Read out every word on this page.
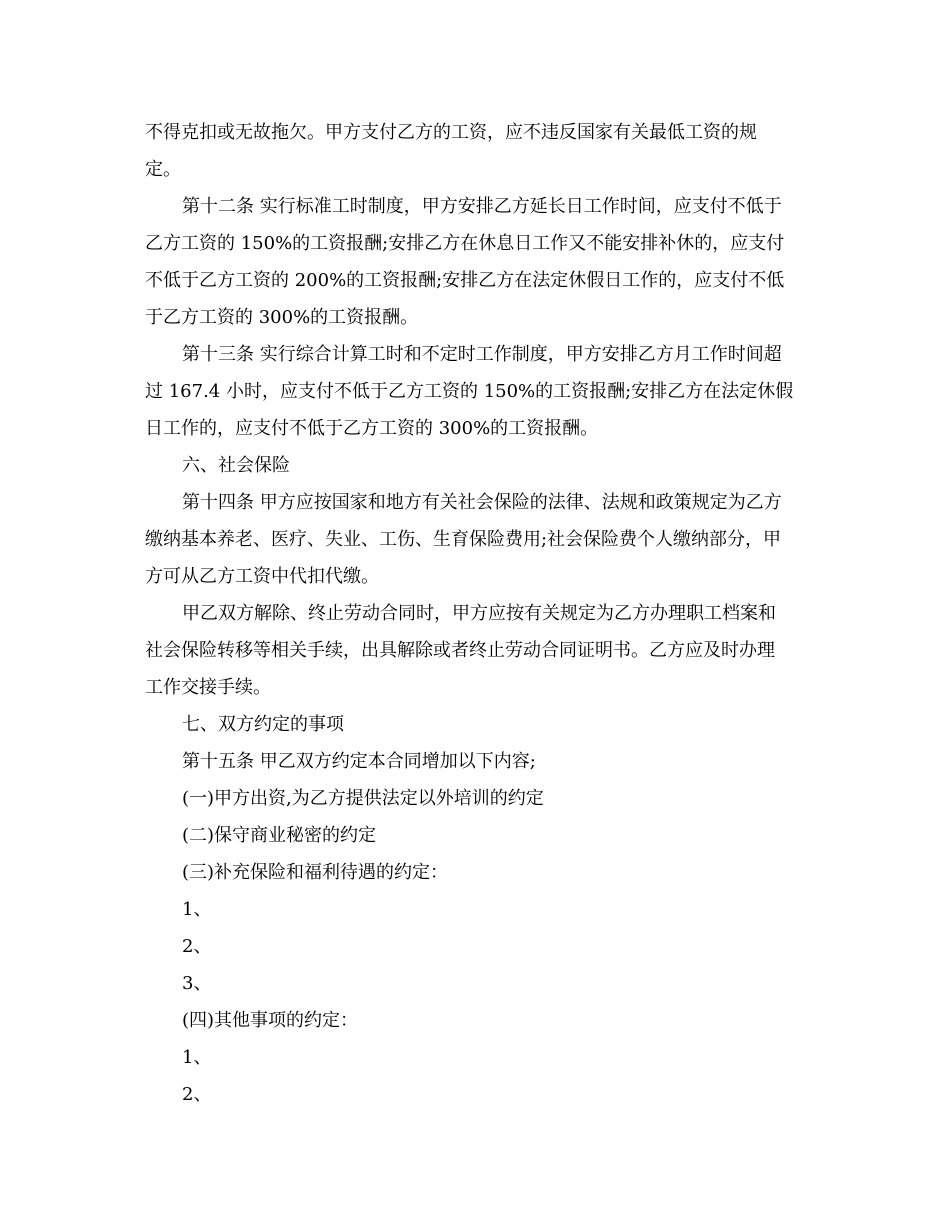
不得克扣或无故拖欠。甲方支付乙方的工资，应不违反国家有关最低工资的规
定。
第十二条 实行标准工时制度，甲方安排乙方延长日工作时间，应支付不低于
乙方工资的 150%的工资报酬;安排乙方在休息日工作又不能安排补休的，应支付
不低于乙方工资的 200%的工资报酬;安排乙方在法定休假日工作的，应支付不低
于乙方工资的 300%的工资报酬。
第十三条 实行综合计算工时和不定时工作制度，甲方安排乙方月工作时间超
过 167.4 小时，应支付不低于乙方工资的 150%的工资报酬;安排乙方在法定休假
日工作的，应支付不低于乙方工资的 300%的工资报酬。
六、社会保险
第十四条 甲方应按国家和地方有关社会保险的法律、法规和政策规定为乙方
缴纳基本养老、医疗、失业、工伤、生育保险费用;社会保险费个人缴纳部分，甲
方可从乙方工资中代扣代缴。
甲乙双方解除、终止劳动合同时，甲方应按有关规定为乙方办理职工档案和
社会保险转移等相关手续，出具解除或者终止劳动合同证明书。乙方应及时办理
工作交接手续。
七、双方约定的事项
第十五条 甲乙双方约定本合同增加以下内容;
(一)甲方出资,为乙方提供法定以外培训的约定
(二)保守商业秘密的约定
(三)补充保险和福利待遇的约定：
1、
2、
3、
(四)其他事项的约定：
1、
2、
